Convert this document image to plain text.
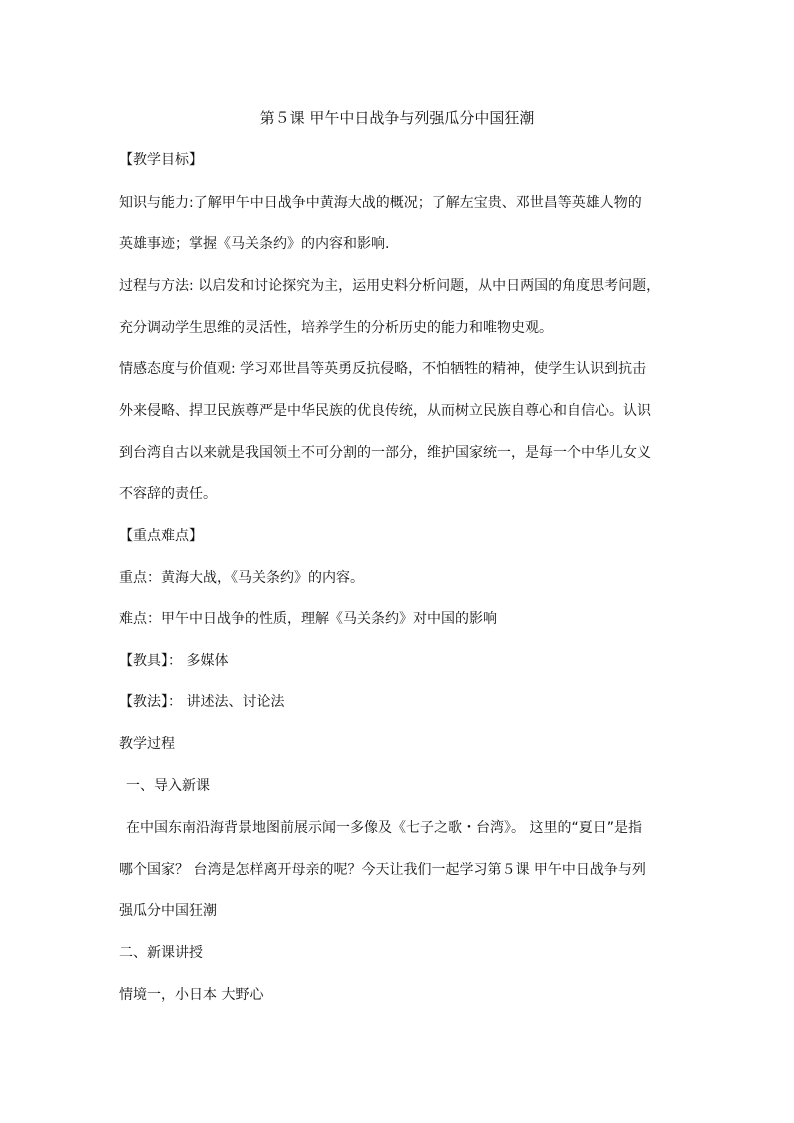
第５课 甲午中日战争与列强瓜分中国狂潮
【教学目标】
知识与能力:了解甲午中日战争中黄海大战的概况；了解左宝贵、邓世昌等英雄人物的
英雄事迹；掌握《马关条约》的内容和影响.
过程与方法: 以启发和讨论探究为主，运用史料分析问题，从中日两国的角度思考问题，
充分调动学生思维的灵活性，培养学生的分析历史的能力和唯物史观。
情感态度与价值观: 学习邓世昌等英勇反抗侵略，不怕牺牲的精神，使学生认识到抗击
外来侵略、捍卫民族尊严是中华民族的优良传统，从而树立民族自尊心和自信心。认识
到台湾自古以来就是我国领土不可分割的一部分，维护国家统一，是每一个中华儿女义
不容辞的责任。
【重点难点】
重点：黄海大战，《马关条约》的内容。
难点：甲午中日战争的性质，理解《马关条约》对中国的影响
【教具】： 多媒体
【教法】： 讲述法、讨论法
教学过程
一、导入新课
在中国东南沿海背景地图前展示闻一多像及《七子之歌・台湾》。 这里的“夏日”是指
哪个国家？ 台湾是怎样离开母亲的呢？今天让我们一起学习第５课 甲午中日战争与列
强瓜分中国狂潮
二、新课讲授
情境一，小日本 大野心
